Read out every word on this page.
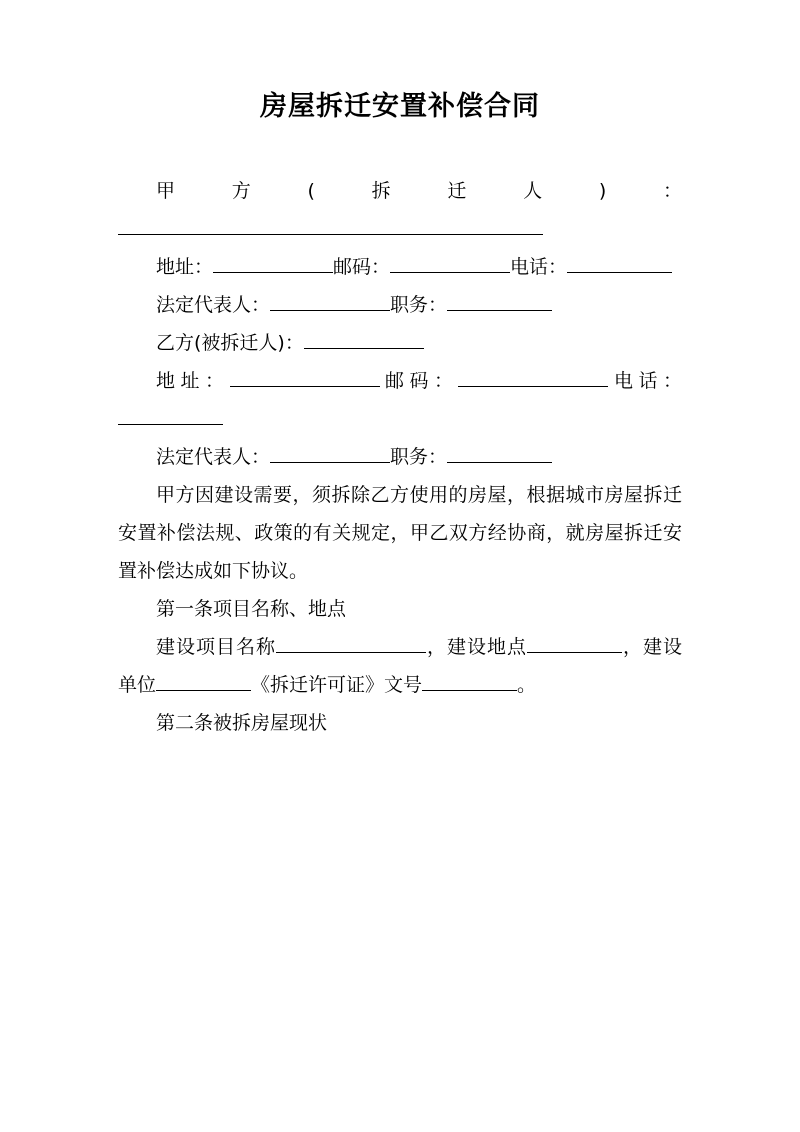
房屋拆迁安置补偿合同

甲方(拆迁人)：

地址：	邮码：	电话：

法定代表人：	职务：

乙方(被拆迁人)：

地址：	邮码：	电话：

法定代表人：	职务：

甲方因建设需要，须拆除乙方使用的房屋，根据城市房屋拆迁安置补偿法规、政策的有关规定，甲乙双方经协商，就房屋拆迁安置补偿达成如下协议。

第一条项目名称、地点

建设项目名称	，建设地点	，建设单位	《拆迁许可证》文号	。

第二条被拆房屋现状
